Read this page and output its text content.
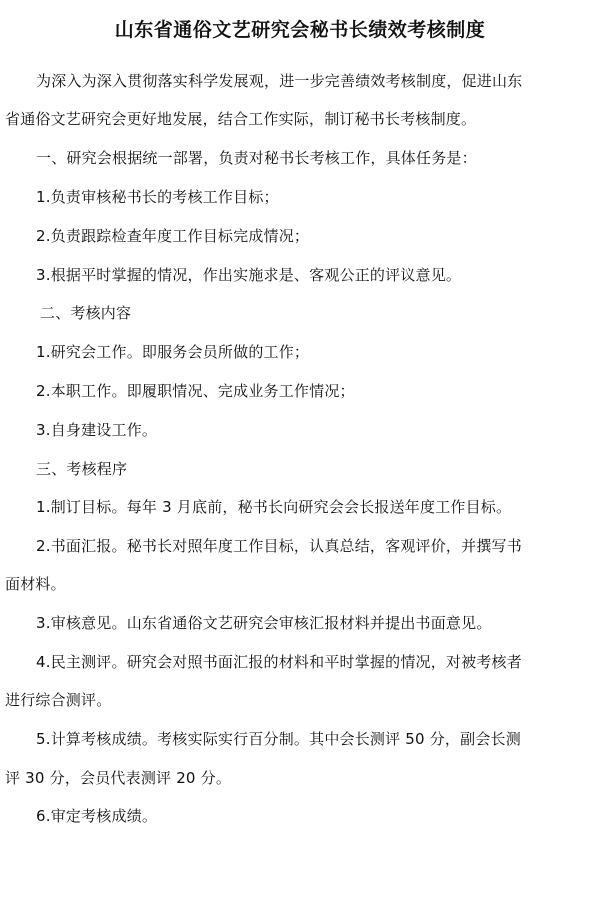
山东省通俗文艺研究会秘书长绩效考核制度
为深入为深入贯彻落实科学发展观，进一步完善绩效考核制度，促进山东
省通俗文艺研究会更好地发展，结合工作实际，制订秘书长考核制度。
一、研究会根据统一部署，负责对秘书长考核工作，具体任务是：
1.负责审核秘书长的考核工作目标；
2.负责跟踪检查年度工作目标完成情况；
3.根据平时掌握的情况，作出实施求是、客观公正的评议意见。
二、考核内容
1.研究会工作。即服务会员所做的工作；
2.本职工作。即履职情况、完成业务工作情况；
3.自身建设工作。
三、考核程序
1.制订目标。每年 3 月底前，秘书长向研究会会长报送年度工作目标。
2.书面汇报。秘书长对照年度工作目标，认真总结，客观评价，并撰写书
面材料。
3.审核意见。山东省通俗文艺研究会审核汇报材料并提出书面意见。
4.民主测评。研究会对照书面汇报的材料和平时掌握的情况，对被考核者
进行综合测评。
5.计算考核成绩。考核实际实行百分制。其中会长测评 50 分，副会长测
评 30 分，会员代表测评 20 分。
6.审定考核成绩。
